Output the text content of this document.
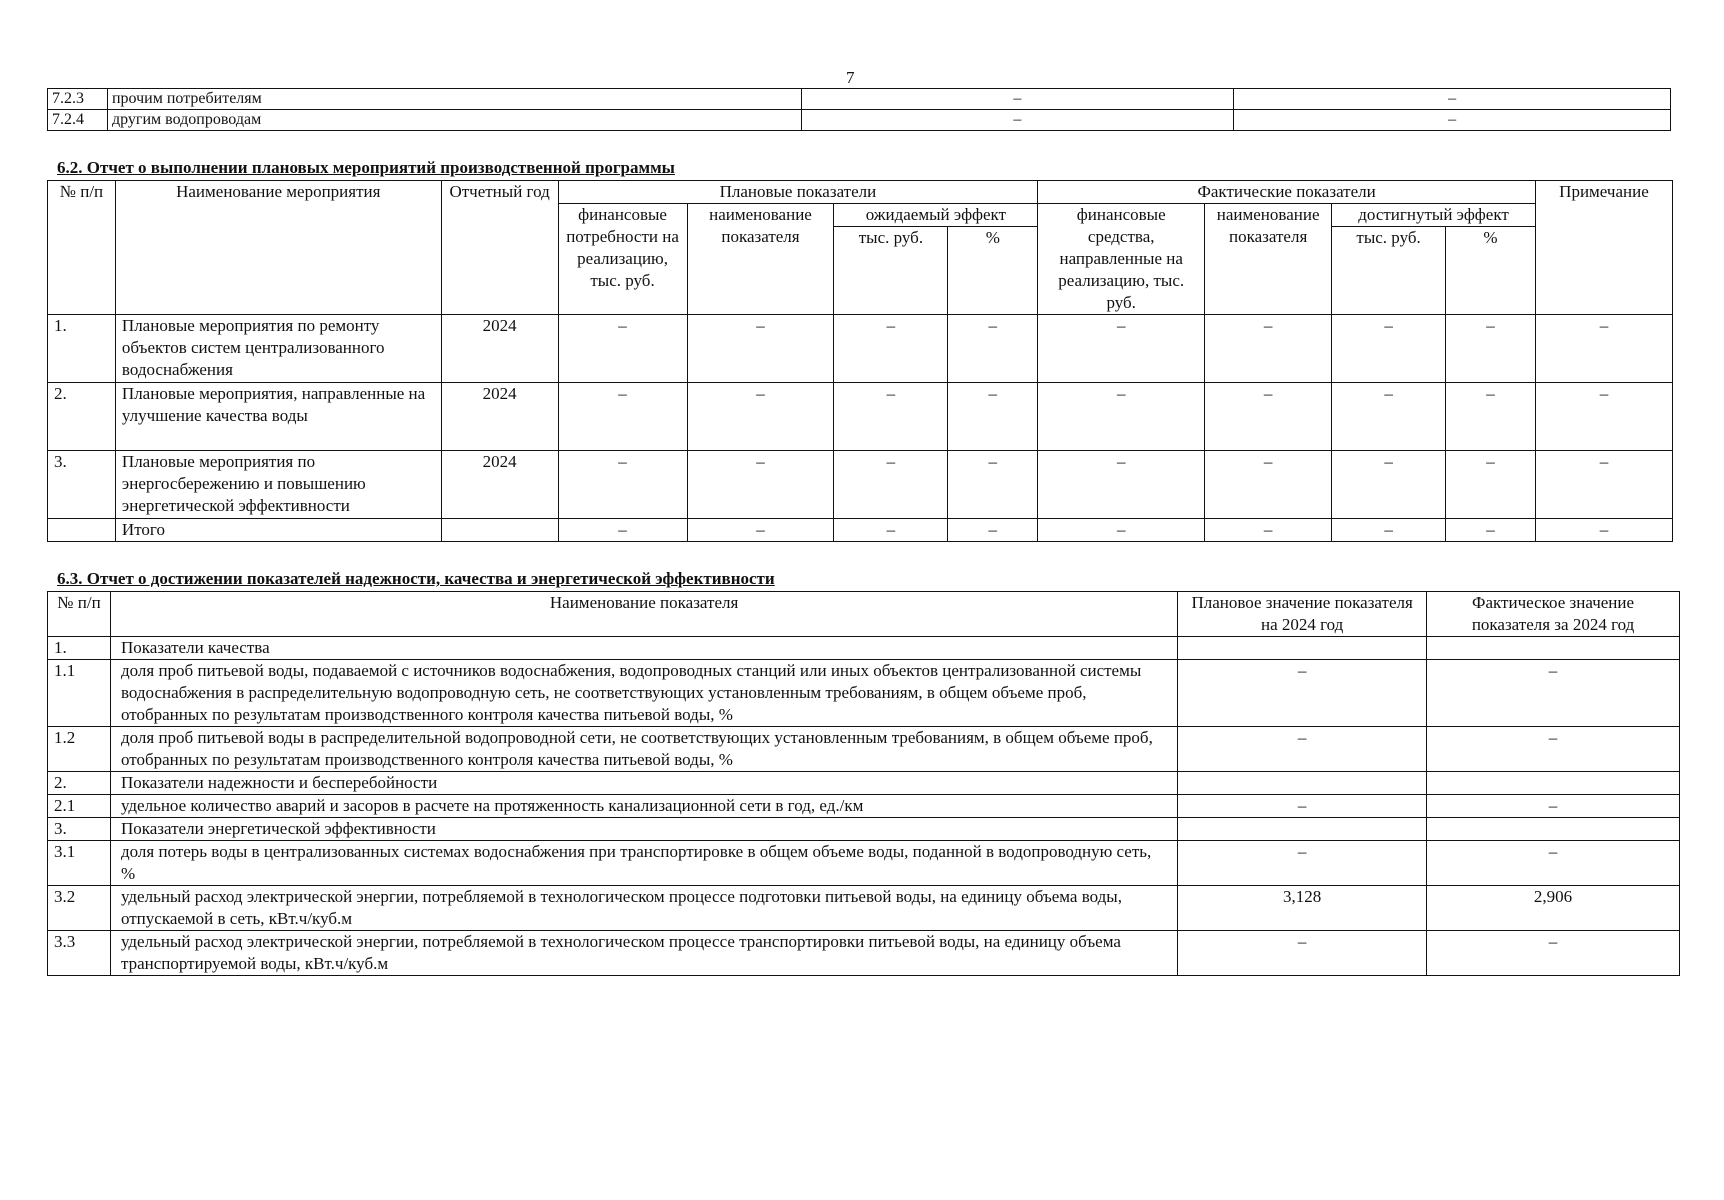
7
7.2.3	прочим потребителям	–	–
7.2.4	другим водопроводам	–	–
6.2. Отчет о выполнении плановых мероприятий производственной программы
№ п/п	Наименование мероприятия	Отчетный год	Плановые показатели				Фактические показатели				Примечание
			финансовые потребности на реализацию, тыс. руб.	наименование показателя	ожидаемый эффект		финансовые средства, направленные на реализацию, тыс. руб.	наименование показателя	достигнутый эффект		
					тыс. руб.	%			тыс. руб.	%	
1.	Плановые мероприятия по ремонту объектов систем централизованного водоснабжения	2024	–	–	–	–	–	–	–	–	–
2.	Плановые мероприятия, направленные на улучшение качества воды	2024	–	–	–	–	–	–	–	–	–
3.	Плановые мероприятия по энергосбережению и повышению энергетической эффективности	2024	–	–	–	–	–	–	–	–	–
	Итого		–	–	–	–	–	–	–	–	–
6.3. Отчет о достижении показателей надежности, качества и энергетической эффективности
№ п/п	Наименование показателя	Плановое значение показателя на 2024 год	Фактическое значение показателя за 2024 год
1.	Показатели качества		
1.1	доля проб питьевой воды, подаваемой с источников водоснабжения, водопроводных станций или иных объектов централизованной системы водоснабжения в распределительную водопроводную сеть, не соответствующих установленным требованиям, в общем объеме проб, отобранных по результатам производственного контроля качества питьевой воды, %	–	–
1.2	доля проб питьевой воды в распределительной водопроводной сети, не соответствующих установленным требованиям, в общем объеме проб, отобранных по результатам производственного контроля качества питьевой воды, %	–	–
2.	Показатели надежности и бесперебойности		
2.1	удельное количество аварий и засоров в расчете на протяженность канализационной сети в год, ед./км	–	–
3.	Показатели энергетической эффективности		
3.1	доля потерь воды в централизованных системах водоснабжения при транспортировке в общем объеме воды, поданной в водопроводную сеть, %	–	–
3.2	удельный расход электрической энергии, потребляемой в технологическом процессе подготовки питьевой воды, на единицу объема воды, отпускаемой в сеть, кВт.ч/куб.м	3,128	2,906
3.3	удельный расход электрической энергии, потребляемой в технологическом процессе транспортировки питьевой воды, на единицу объема транспортируемой воды, кВт.ч/куб.м	–	–
